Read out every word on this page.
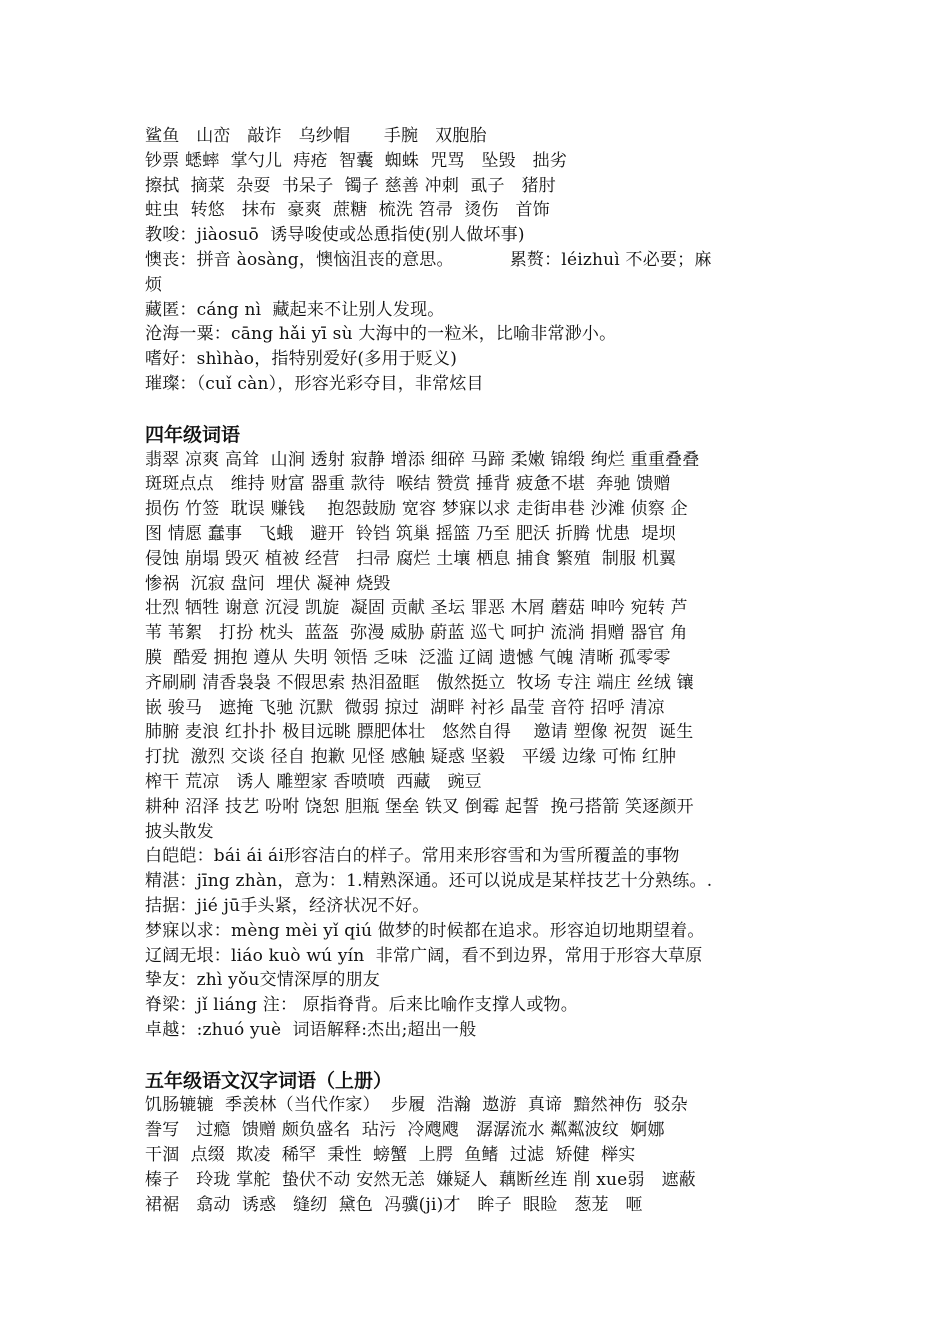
鲨鱼   山峦   敲诈   乌纱帽      手腕   双胞胎
钞票 蟋蟀  掌勺儿  痔疮  智囊  蜘蛛  咒骂   坠毁   拙劣
擦拭  摘菜  杂耍  书呆子  镯子 慈善 冲刺  虱子   猪肘
蛀虫  转悠   抹布  豪爽  蔗糖  梳洗 笤帚  烫伤   首饰
教唆：jiàosuō  诱导唆使或怂恿指使(别人做坏事)
懊丧：拼音 àosàng，懊恼沮丧的意思。          累赘：léizhuì 不必要；麻
烦
藏匿：cáng nì  藏起来不让别人发现。
沧海一粟：cāng hǎi yī sù 大海中的一粒米，比喻非常渺小。
嗜好：shìhào，指特别爱好(多用于贬义)
璀璨：（cuǐ càn），形容光彩夺目，非常炫目
四年级词语
翡翠 凉爽 高耸  山涧 透射 寂静 增添 细碎 马蹄 柔嫩 锦缎 绚烂 重重叠叠
斑斑点点   维持 财富 器重 款待  喉结 赞赏 捶背 疲惫不堪  奔驰 馈赠
损伤 竹签  耽误 赚钱    抱怨鼓励 宽容 梦寐以求 走街串巷 沙滩 侦察 企
图 情愿 蠢事   飞蛾   避开  铃铛 筑巢 摇篮 乃至 肥沃 折腾 忧患  堤坝
侵蚀 崩塌 毁灭 植被 经营   扫帚 腐烂 土壤 栖息 捕食 繁殖  制服 机翼
惨祸  沉寂 盘问  埋伏 凝神 烧毁
壮烈 牺牲 谢意 沉浸 凯旋  凝固 贡献 圣坛 罪恶 木屑 蘑菇 呻吟 宛转 芦
苇 苇絮   打扮 枕头  蓝盔  弥漫 威胁 蔚蓝 巡弋 呵护 流淌 捐赠 器官 角
膜  酷爱 拥抱 遵从 失明 领悟 乏味  泛滥 辽阔 遗憾 气魄 清晰 孤零零
齐刷刷 清香袅袅 不假思索 热泪盈眶   傲然挺立  牧场 专注 端庄 丝绒 镶
嵌 骏马   遮掩 飞驰 沉默  微弱 掠过  湖畔 衬衫 晶莹 音符 招呼 清凉
肺腑 麦浪 红扑扑 极目远眺 膘肥体壮   悠然自得    邀请 塑像 祝贺  诞生
打扰  激烈 交谈 径自 抱歉 见怪 感触 疑惑 坚毅   平缓 边缘 可怖 红肿
榨干 荒凉   诱人 雕塑家 香喷喷  西藏   豌豆
耕种 沼泽 技艺 吩咐 饶恕 胆瓶 堡垒 铁叉 倒霉 起誓  挽弓搭箭 笑逐颜开
披头散发
白皑皑：bái ái ái形容洁白的样子。常用来形容雪和为雪所覆盖的事物
精湛：jīng zhàn，意为：1.精熟深通。还可以说成是某样技艺十分熟练。.
拮据：jié jū手头紧，经济状况不好。
梦寐以求：mèng mèi yǐ qiú 做梦的时候都在追求。形容迫切地期望着。
辽阔无垠：liáo kuò wú yín  非常广阔，看不到边界，常用于形容大草原
挚友：zhì yǒu交情深厚的朋友
脊梁：jǐ liáng 注： 原指脊背。后来比喻作支撑人或物。
卓越：:zhuó yuè  词语解释:杰出;超出一般
五年级语文汉字词语（上册）
饥肠辘辘  季羡林（当代作家）  步履  浩瀚  遨游  真谛  黯然神伤  驳杂
誊写   过瘾  馈赠 颇负盛名  玷污  冷飕飕   潺潺流水 粼粼波纹  婀娜
干涸  点缀  欺凌  稀罕  秉性  螃蟹  上腭  鱼鳍  过滤  矫健  榉实
榛子   玲珑 掌舵  蛰伏不动 安然无恙  嫌疑人  藕断丝连 削 xue弱   遮蔽
裙裾   翕动  诱惑   缝纫  黛色  冯骥(ji)才   眸子  眼睑   葱茏   咂
